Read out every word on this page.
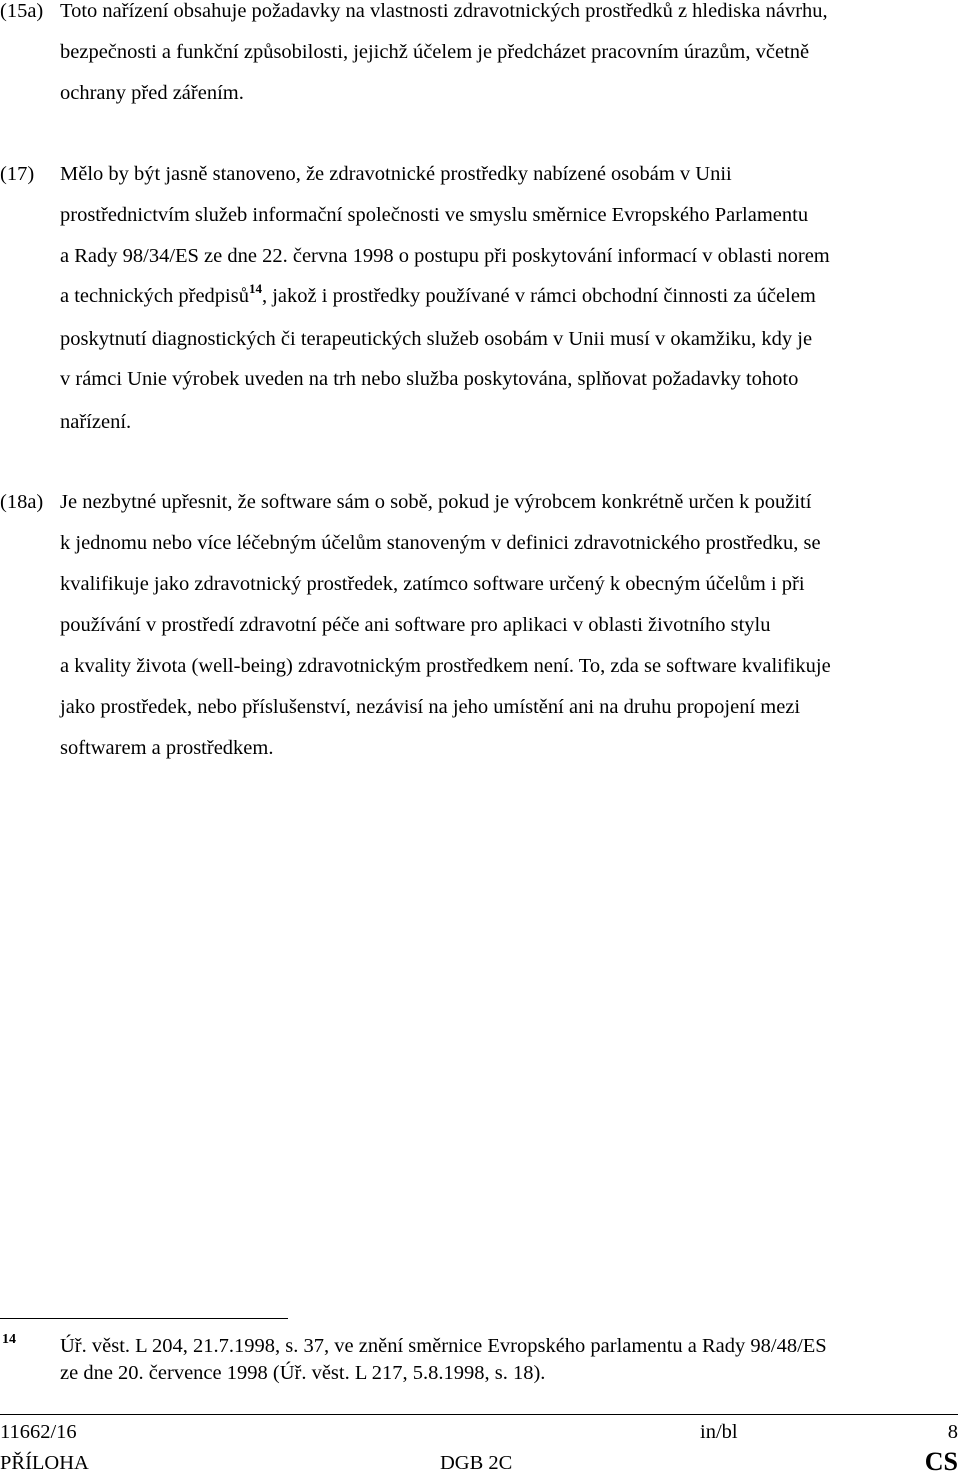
(15a) Toto nařízení obsahuje požadavky na vlastnosti zdravotnických prostředků z hlediska návrhu,
bezpečnosti a funkční způsobilosti, jejichž účelem je předcházet pracovním úrazům, včetně
ochrany před zářením.
(17) Mělo by být jasně stanoveno, že zdravotnické prostředky nabízené osobám v Unii
prostřednictvím služeb informační společnosti ve smyslu směrnice Evropského Parlamentu
a Rady 98/34/ES ze dne 22. června 1998 o postupu při poskytování informací v oblasti norem
a technických předpisů$^{14}$, jakož i prostředky používané v rámci obchodní činnosti za účelem
poskytnutí diagnostických či terapeutických služeb osobám v Unii musí v okamžiku, kdy je
v rámci Unie výrobek uveden na trh nebo služba poskytována, splňovat požadavky tohoto
nařízení.
(18a) Je nezbytné upřesnit, že software sám o sobě, pokud je výrobcem konkrétně určen k použití
k jednomu nebo více léčebným účelům stanoveným v definici zdravotnického prostředku, se
kvalifikuje jako zdravotnický prostředek, zatímco software určený k obecným účelům i při
používání v prostředí zdravotní péče ani software pro aplikaci v oblasti životního stylu
a kvality života (well-being) zdravotnickým prostředkem není. To, zda se software kvalifikuje
jako prostředek, nebo příslušenství, nezávisí na jeho umístění ani na druhu propojení mezi
softwarem a prostředkem.
14 Úř. věst. L 204, 21.7.1998, s. 37, ve znění směrnice Evropského parlamentu a Rady 98/48/ES
ze dne 20. července 1998 (Úř. věst. L 217, 5.8.1998, s. 18).
11662/16	in/bl	8
PŘÍLOHA	DGB 2C	CS
